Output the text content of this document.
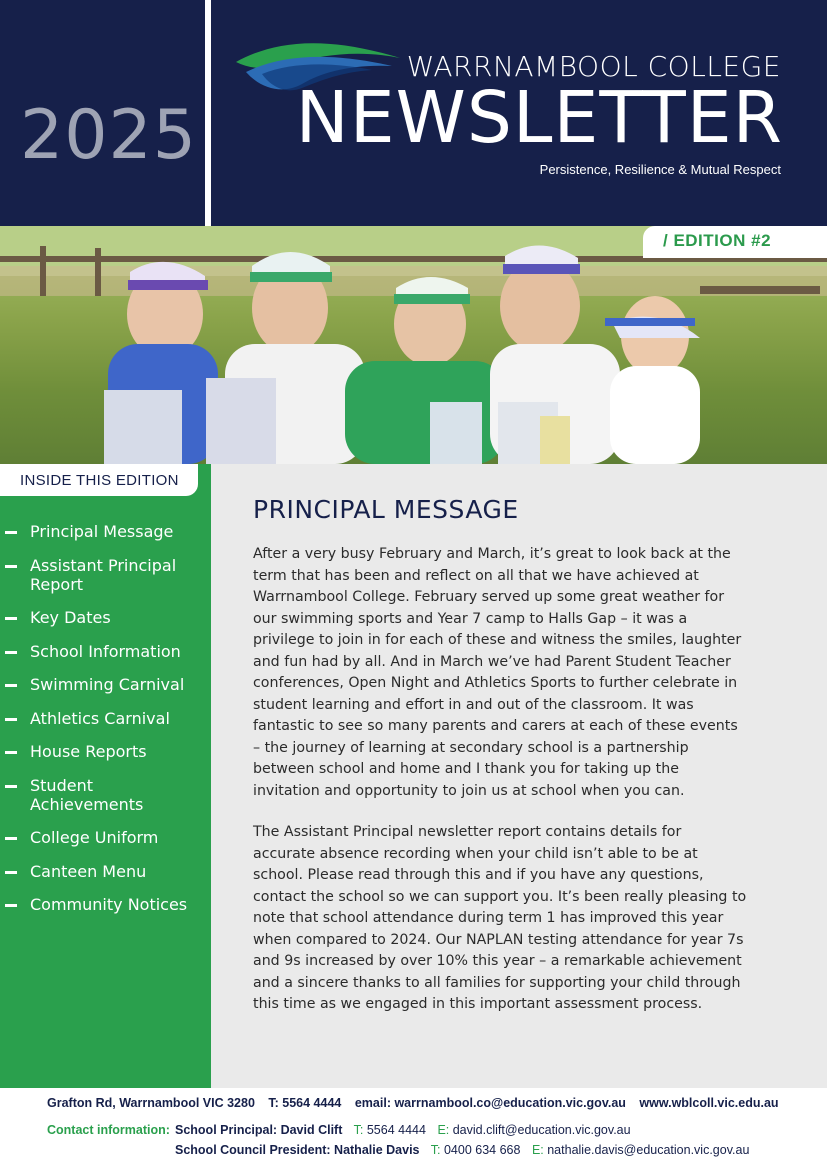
2025
WARRNAMBOOL COLLEGE
NEWSLETTER
Persistence, Resilience & Mutual Respect
/ EDITION #2
INSIDE THIS EDITION
Principal Message
Assistant Principal Report
Key Dates
School Information
Swimming Carnival
Athletics Carnival
House Reports
Student Achievements
College Uniform
Canteen Menu
Community Notices
PRINCIPAL MESSAGE

After a very busy February and March, it’s great to look back at the term that has been and reflect on all that we have achieved at Warrnambool College. February served up some great weather for our swimming sports and Year 7 camp to Halls Gap – it was a privilege to join in for each of these and witness the smiles, laughter and fun had by all. And in March we’ve had Parent Student Teacher conferences, Open Night and Athletics Sports to further celebrate in student learning and effort in and out of the classroom. It was fantastic to see so many parents and carers at each of these events – the journey of learning at secondary school is a partnership between school and home and I thank you for taking up the invitation and opportunity to join us at school when you can.

The Assistant Principal newsletter report contains details for accurate absence recording when your child isn’t able to be at school. Please read through this and if you have any questions, contact the school so we can support you. It’s been really pleasing to note that school attendance during term 1 has improved this year when compared to 2024. Our NAPLAN testing attendance for year 7s and 9s increased by over 10% this year – a remarkable achievement and a sincere thanks to all families for supporting your child through this time as we engaged in this important assessment process.

Grafton Rd, Warrnambool VIC 3280 T: 5564 4444 email: warrnambool.co@education.vic.gov.au www.wblcoll.vic.edu.au
Contact information: School Principal: David Clift T: 5564 4444 E: david.clift@education.vic.gov.au
School Council President: Nathalie Davis T: 0400 634 668 E: nathalie.davis@education.vic.gov.au
